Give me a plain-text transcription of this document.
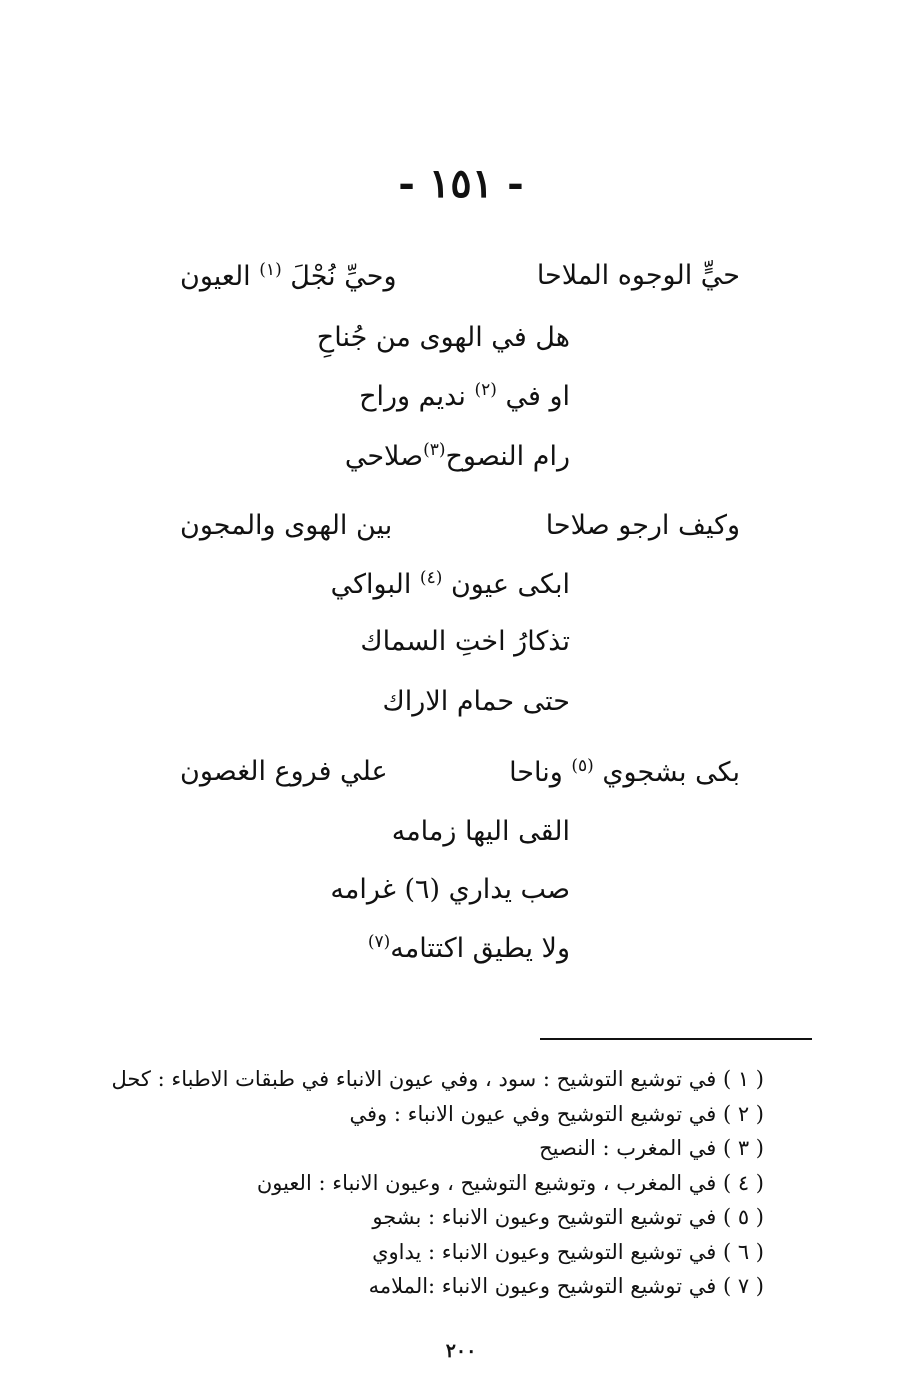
- ١٥١ -
حيٍّ الوجوه الملاحا
وحيِّ نُجْلَ $^{(١)}$ العيون
هل في الهوى من جُناحِ
او في $^{(٢)}$ نديم وراح
رام النصوح$^{(٣)}$صلاحي
وكيف ارجو صلاحا
بين الهوى والمجون
ابكى عيون $^{(٤)}$ البواكي
تذكارُ اختِ السماك
حتى حمام الاراك
بكى بشجوي $^{(٥)}$ وناحا
علي فروع الغصون
القى اليها زمامه
صب يداري (٦) غرامه
ولا يطيق اكتتامه$^{(٧)}$
( ١ ) في توشيع التوشيح : سود ، وفي عيون الانباء في طبقات الاطباء : كحل
( ٢ ) في توشيع التوشيح وفي عيون الانباء : وفي
( ٣ ) في المغرب : النصيح
( ٤ ) في المغرب ، وتوشيع التوشيح ، وعيون الانباء : العيون
( ٥ ) في توشيع التوشيح وعيون الانباء : بشجو
( ٦ ) في توشيع التوشيح وعيون الانباء : يداوي
( ٧ ) في توشيع التوشيح وعيون الانباء :الملامه
٢٠٠
